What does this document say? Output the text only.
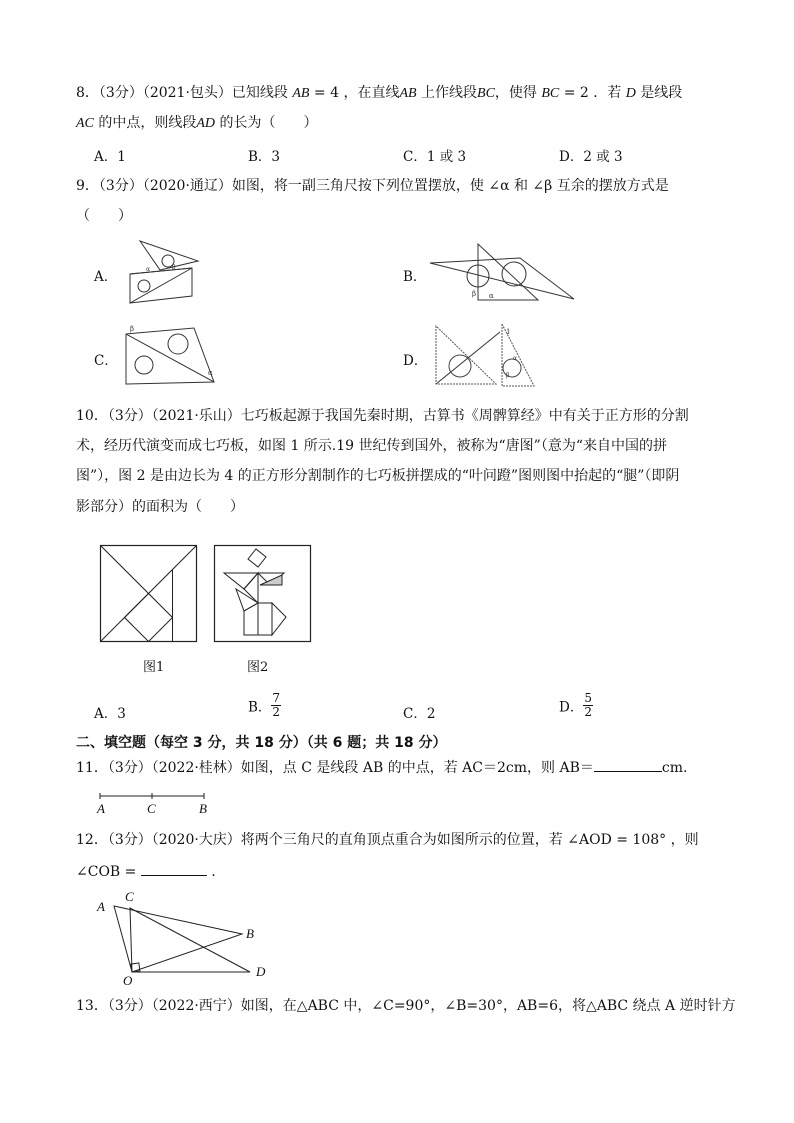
8．（3分）（2021·包头）已知线段 AB = 4 ，在直线AB 上作线段BC，使得 BC = 2 ．若 D 是线段
AC 的中点，则线段AD 的长为（　　）
A．1	B．3	C．1 或 3	D．2 或 3
9．（3分）（2020·通辽）如图，将一副三角尺按下列位置摆放，使 ∠α 和 ∠β 互余的摆放方式是
（　　）
A．	α	β
B．
β α
C．
β
α
D．
1
α
β
10．（3分）（2021·乐山）七巧板起源于我国先秦时期，古算书《周髀算经》中有关于正方形的分割
术，经历代演变而成七巧板，如图 1 所示.19 世纪传到国外，被称为“唐图”（意为“来自中国的拼
图”），图 2 是由边长为 4 的正方形分割制作的七巧板拼摆成的“叶问蹬”图则图中抬起的“腿”（即阴
影部分）的面积为（　　）
图1	图2
A．3	B． $\frac{7}{2}$	C．2	D． $\frac{5}{2}$
二、填空题（每空 3 分，共 18 分）（共 6 题；共 18 分）
11．（3分）（2022·桂林）如图，点 C 是线段 AB 的中点，若 AC＝2cm，则 AB＝	cm.
A	C	B
12．（3分）（2020·大庆）将两个三角尺的直角顶点重合为如图所示的位置，若 ∠AOD = 108° ，则
∠COB =	.
A
C
B
O
D
13．（3分）（2022·西宁）如图，在△ABC 中，∠C=90°，∠B=30°，AB=6，将△ABC 绕点 A 逆时针方
